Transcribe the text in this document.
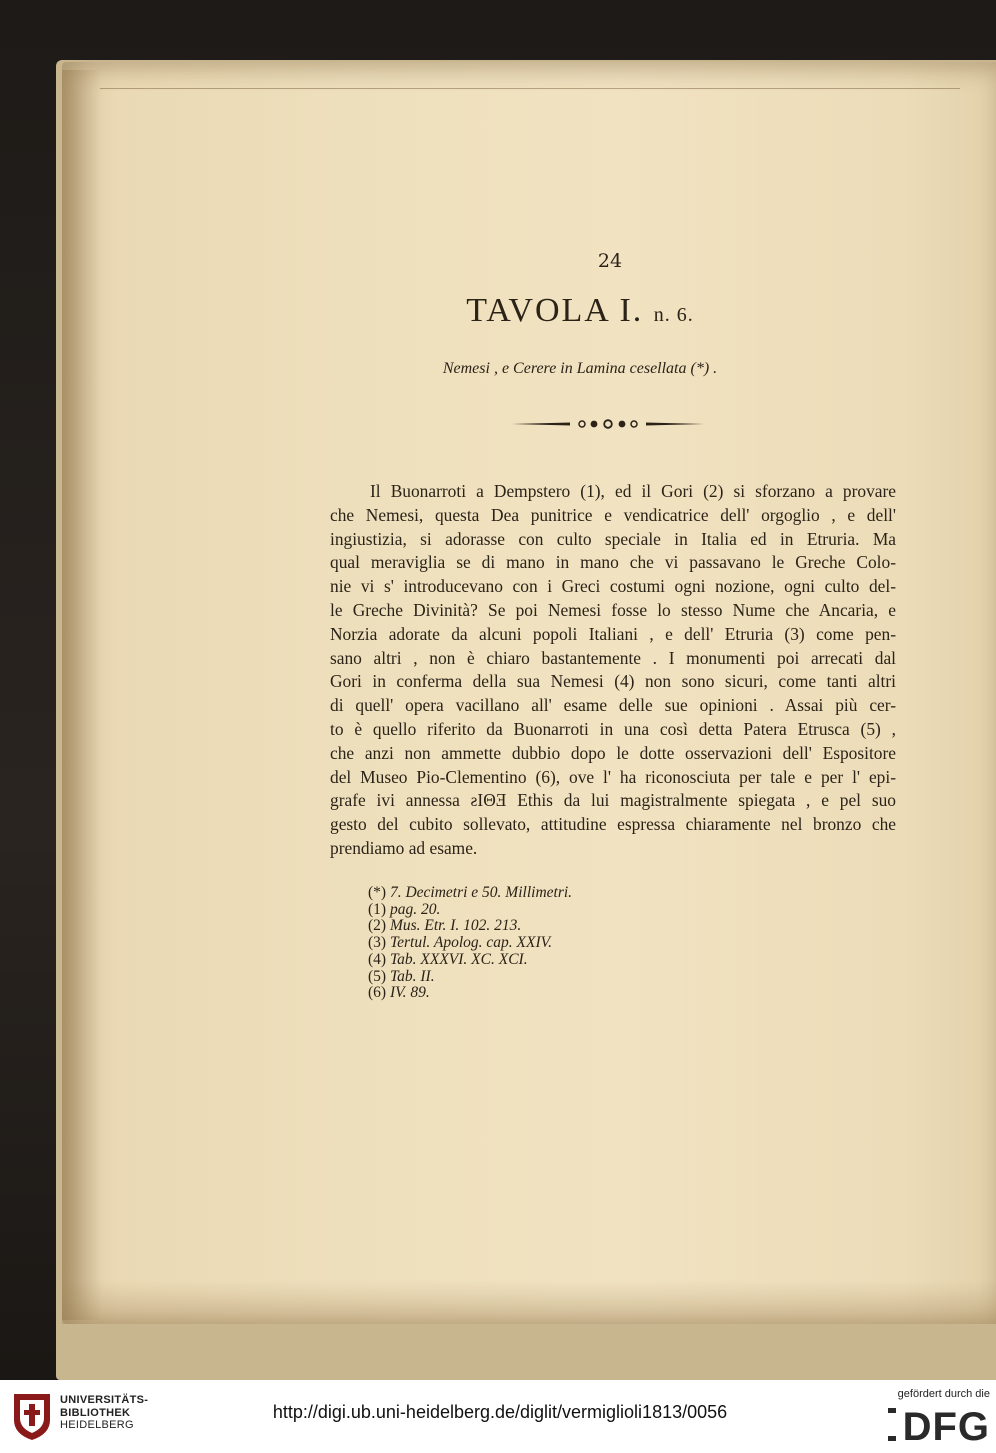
24
TAVOLA I. n. 6.
Nemesi , e Cerere in Lamina cesellata (*) .
Il Buonarroti a Dempstero (1), ed il Gori (2) si sforzano a provare
che Nemesi, questa Dea punitrice e vendicatrice dell' orgoglio , e dell'
ingiustizia, si adorasse con culto speciale in Italia ed in Etruria. Ma
qual meraviglia se di mano in mano che vi passavano le Greche Colo-
nie vi s' introducevano con i Greci costumi ogni nozione, ogni culto del-
le Greche Divinità? Se poi Nemesi fosse lo stesso Nume che Ancaria, e
Norzia adorate da alcuni popoli Italiani , e dell' Etruria (3) come pen-
sano altri , non è chiaro bastantemente . I monumenti poi arrecati dal
Gori in conferma della sua Nemesi (4) non sono sicuri, come tanti altri
di quell' opera vacillano all' esame delle sue opinioni . Assai più cer-
to è quello riferito da Buonarroti in una così detta Patera Etrusca (5) ,
che anzi non ammette dubbio dopo le dotte osservazioni dell' Espositore
del Museo Pio-Clementino (6), ove l' ha riconosciuta per tale e per l' epi-
grafe ivi annessa ƨΙΘƎ Ethis da lui magistralmente spiegata , e pel suo
gesto del cubito sollevato, attitudine espressa chiaramente nel bronzo che
prendiamo ad esame.
(*) 7. Decimetri e 50. Millimetri.
(1) pag. 20.
(2) Mus. Etr. I. 102. 213.
(3) Tertul. Apolog. cap. XXIV.
(4) Tab. XXXVI. XC. XCI.
(5) Tab. II.
(6) IV. 89.
UNIVERSITÄTS-
BIBLIOTHEK
HEIDELBERG
http://digi.ub.uni-heidelberg.de/diglit/vermiglioli1813/0056
gefördert durch die
DFG
